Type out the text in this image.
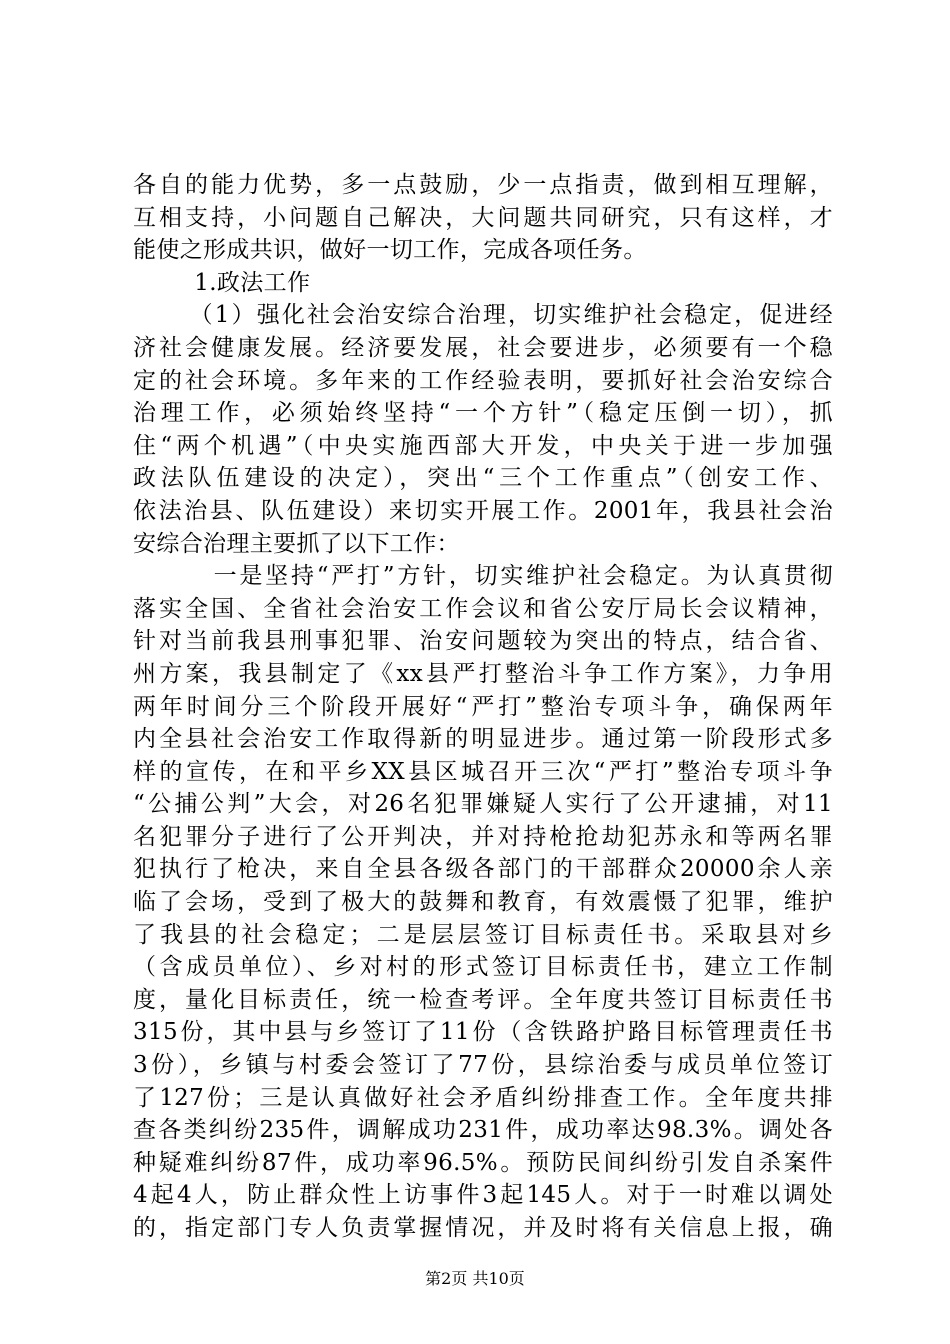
各自的能力优势，多一点鼓励，少一点指责，做到相互理解，
互相支持，小问题自己解决，大问题共同研究，只有这样，才
能使之形成共识，做好一切工作，完成各项任务。
1.政法工作
（1）强化社会治安综合治理，切实维护社会稳定，促进经
济社会健康发展。经济要发展，社会要进步，必须要有一个稳
定的社会环境。多年来的工作经验表明，要抓好社会治安综合
治理工作，必须始终坚持“一个方针”（稳定压倒一切），抓
住“两个机遇”（中央实施西部大开发，中央关于进一步加强
政法队伍建设的决定），突出“三个工作重点”（创安工作、
依法治县、队伍建设）来切实开展工作。2001年，我县社会治
安综合治理主要抓了以下工作：
一是坚持“严打”方针，切实维护社会稳定。为认真贯彻
落实全国、全省社会治安工作会议和省公安厅局长会议精神，
针对当前我县刑事犯罪、治安问题较为突出的特点，结合省、
州方案，我县制定了《xx县严打整治斗争工作方案》，力争用
两年时间分三个阶段开展好“严打”整治专项斗争，确保两年
内全县社会治安工作取得新的明显进步。通过第一阶段形式多
样的宣传，在和平乡XX县区城召开三次“严打”整治专项斗争
“公捕公判”大会，对26名犯罪嫌疑人实行了公开逮捕，对11
名犯罪分子进行了公开判决，并对持枪抢劫犯苏永和等两名罪
犯执行了枪决，来自全县各级各部门的干部群众20000余人亲
临了会场，受到了极大的鼓舞和教育，有效震慑了犯罪，维护
了我县的社会稳定；二是层层签订目标责任书。采取县对乡
（含成员单位）、乡对村的形式签订目标责任书，建立工作制
度，量化目标责任，统一检查考评。全年度共签订目标责任书
315份，其中县与乡签订了11份（含铁路护路目标管理责任书
3份），乡镇与村委会签订了77份，县综治委与成员单位签订
了127份；三是认真做好社会矛盾纠纷排查工作。全年度共排
查各类纠纷235件，调解成功231件，成功率达98.3%。调处各
种疑难纠纷87件，成功率96.5%。预防民间纠纷引发自杀案件
4起4人，防止群众性上访事件3起145人。对于一时难以调处
的，指定部门专人负责掌握情况，并及时将有关信息上报，确
第2页 共10页
